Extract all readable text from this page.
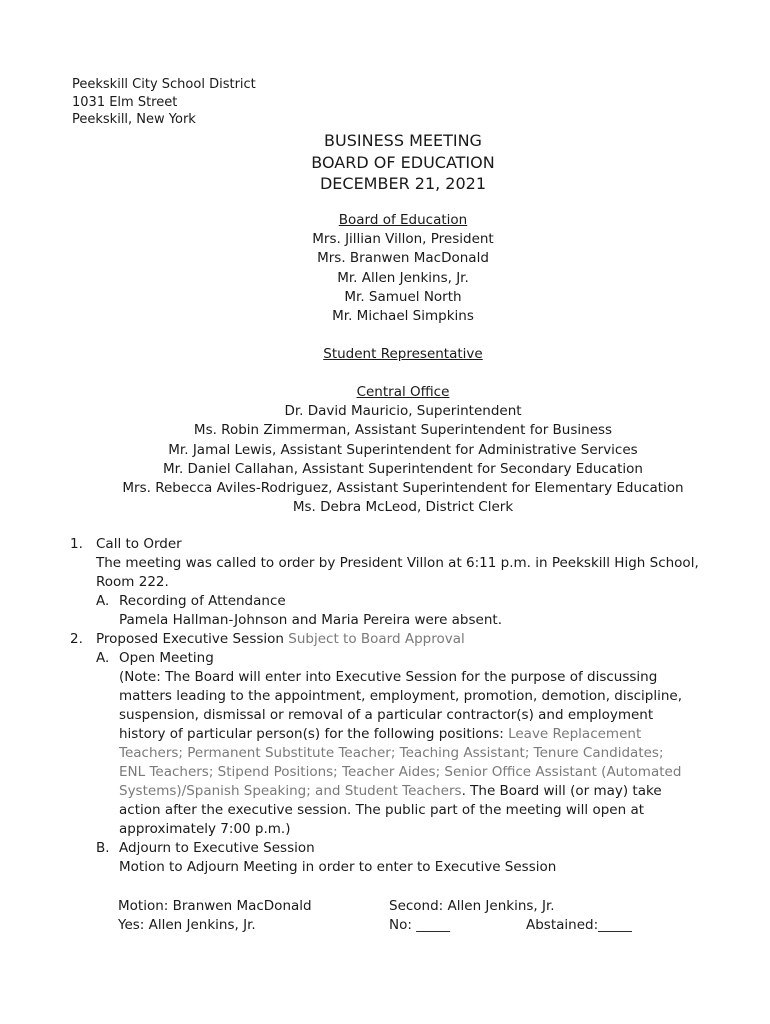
Peekskill City School District
1031 Elm Street
Peekskill, New York
BUSINESS MEETING
BOARD OF EDUCATION
DECEMBER 21, 2021
Board of Education
Mrs. Jillian Villon, President
Mrs. Branwen MacDonald
Mr. Allen Jenkins, Jr.
Mr. Samuel North
Mr. Michael Simpkins
Student Representative
Central Office
Dr. David Mauricio, Superintendent
Ms. Robin Zimmerman, Assistant Superintendent for Business
Mr. Jamal Lewis, Assistant Superintendent for Administrative Services
Mr. Daniel Callahan, Assistant Superintendent for Secondary Education
Mrs. Rebecca Aviles-Rodriguez, Assistant Superintendent for Elementary Education
Ms. Debra McLeod, District Clerk
1. Call to Order
The meeting was called to order by President Villon at 6:11 p.m. in Peekskill High School,
Room 222.
A. Recording of Attendance
Pamela Hallman-Johnson and Maria Pereira were absent.
2. Proposed Executive Session Subject to Board Approval
A. Open Meeting
(Note: The Board will enter into Executive Session for the purpose of discussing
matters leading to the appointment, employment, promotion, demotion, discipline,
suspension, dismissal or removal of a particular contractor(s) and employment
history of particular person(s) for the following positions: Leave Replacement
Teachers; Permanent Substitute Teacher; Teaching Assistant; Tenure Candidates;
ENL Teachers; Stipend Positions; Teacher Aides; Senior Office Assistant (Automated
Systems)/Spanish Speaking; and Student Teachers. The Board will (or may) take
action after the executive session. The public part of the meeting will open at
approximately 7:00 p.m.)
B. Adjourn to Executive Session
Motion to Adjourn Meeting in order to enter to Executive Session
Motion: Branwen MacDonald	Second: Allen Jenkins, Jr.
Yes: Allen Jenkins, Jr.	No: _____	Abstained:_____
